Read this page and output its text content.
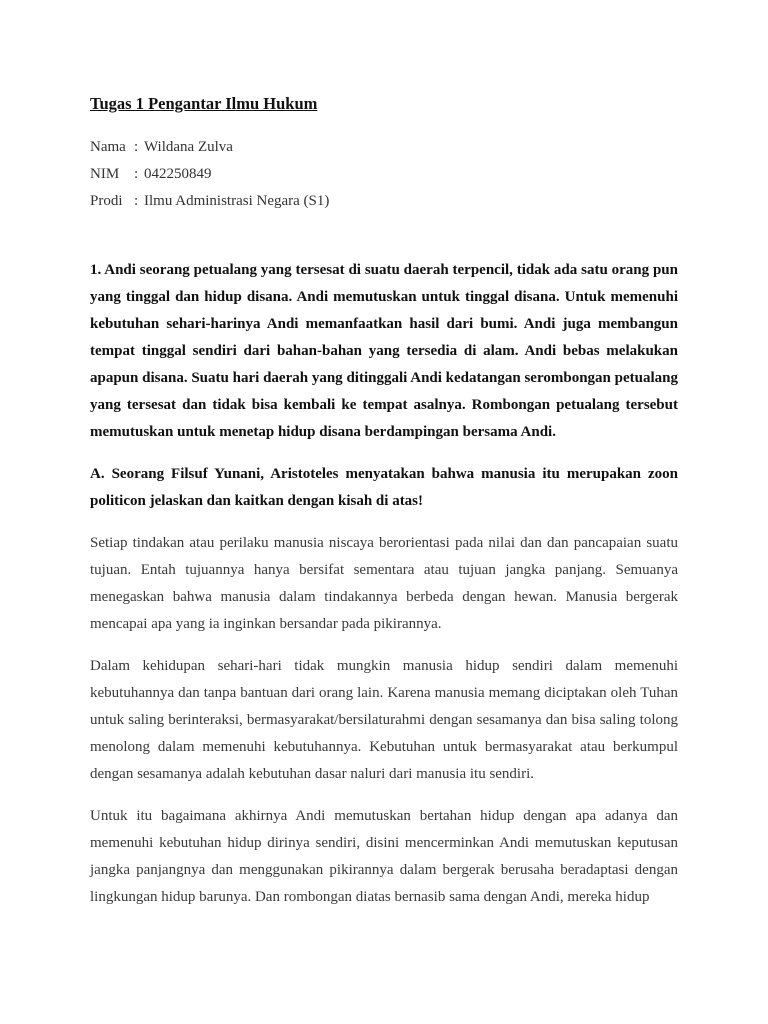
Tugas 1 Pengantar Ilmu Hukum
Nama : Wildana Zulva
NIM : 042250849
Prodi : Ilmu Administrasi Negara (S1)

1. Andi seorang petualang yang tersesat di suatu daerah terpencil, tidak ada satu orang pun yang tinggal dan hidup disana. Andi memutuskan untuk tinggal disana. Untuk memenuhi kebutuhan sehari-harinya Andi memanfaatkan hasil dari bumi. Andi juga membangun tempat tinggal sendiri dari bahan-bahan yang tersedia di alam. Andi bebas melakukan apapun disana. Suatu hari daerah yang ditinggali Andi kedatangan serombongan petualang yang tersesat dan tidak bisa kembali ke tempat asalnya. Rombongan petualang tersebut memutuskan untuk menetap hidup disana berdampingan bersama Andi.

A. Seorang Filsuf Yunani, Aristoteles menyatakan bahwa manusia itu merupakan zoon politicon jelaskan dan kaitkan dengan kisah di atas!

Setiap tindakan atau perilaku manusia niscaya berorientasi pada nilai dan dan pancapaian suatu tujuan. Entah tujuannya hanya bersifat sementara atau tujuan jangka panjang. Semuanya menegaskan bahwa manusia dalam tindakannya berbeda dengan hewan. Manusia bergerak mencapai apa yang ia inginkan bersandar pada pikirannya.

Dalam kehidupan sehari-hari tidak mungkin manusia hidup sendiri dalam memenuhi kebutuhannya dan tanpa bantuan dari orang lain. Karena manusia memang diciptakan oleh Tuhan untuk saling berinteraksi, bermasyarakat/bersilaturahmi dengan sesamanya dan bisa saling tolong menolong dalam memenuhi kebutuhannya. Kebutuhan untuk bermasyarakat atau berkumpul dengan sesamanya adalah kebutuhan dasar naluri dari manusia itu sendiri.

Untuk itu bagaimana akhirnya Andi memutuskan bertahan hidup dengan apa adanya dan memenuhi kebutuhan hidup dirinya sendiri, disini mencerminkan Andi memutuskan keputusan jangka panjangnya dan menggunakan pikirannya dalam bergerak berusaha beradaptasi dengan lingkungan hidup barunya. Dan rombongan diatas bernasib sama dengan Andi, mereka hidup
